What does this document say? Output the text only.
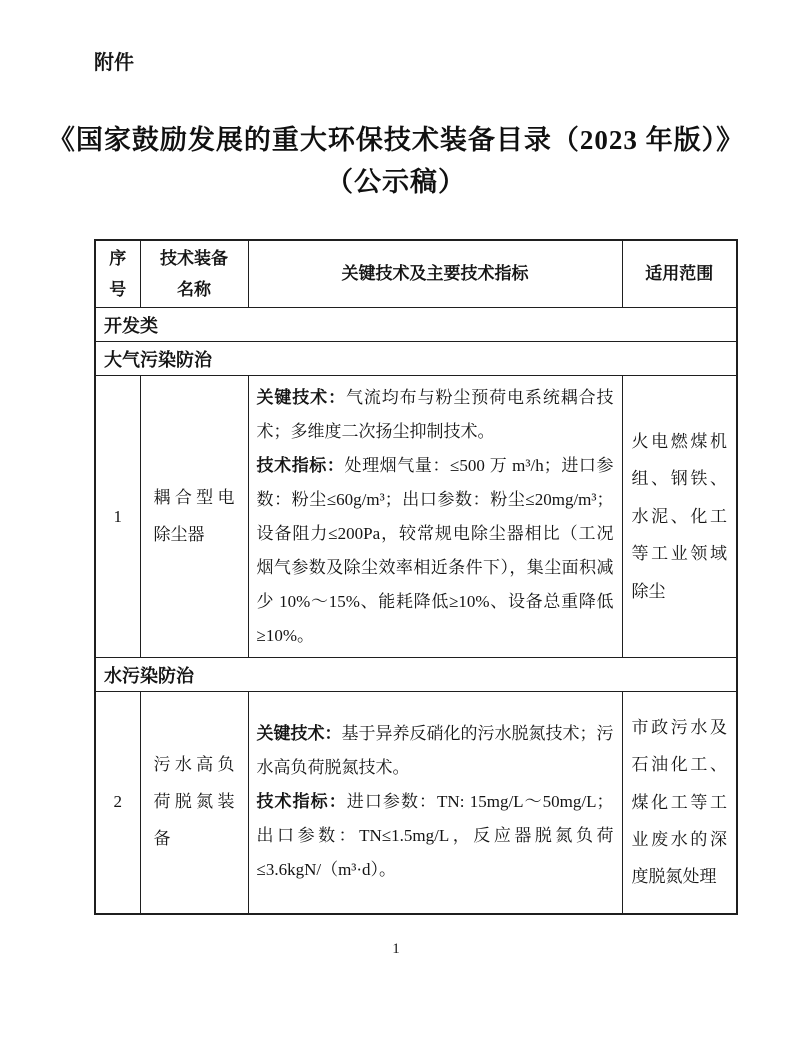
附件
《国家鼓励发展的重大环保技术装备目录（2023 年版）》
（公示稿）
序号	技术装备名称	关键技术及主要技术指标	适用范围
开发类			
大气污染防治			
1	耦合型电除尘器	关键技术：气流均布与粉尘预荷电系统耦合技术；多维度二次扬尘抑制技术。

技术指标：处理烟气量：≤500 万 m³/h；进口参数：粉尘≤60g/m³；出口参数：粉尘≤20mg/m³；设备阻力≤200Pa，较常规电除尘器相比（工况烟气参数及除尘效率相近条件下），集尘面积减少 10%～15%、能耗降低≥10%、设备总重降低≥10%。	火电燃煤机组、钢铁、水泥、化工等工业领域除尘
水污染防治			
2	污水高负荷脱氮装备	关键技术：基于异养反硝化的污水脱氮技术；污水高负荷脱氮技术。

技术指标：进口参数：TN: 15mg/L～50mg/L；出口参数：TN≤1.5mg/L，反应器脱氮负荷≤3.6kgN/（m³·d）。	市政污水及石油化工、煤化工等工业废水的深度脱氮处理
1
